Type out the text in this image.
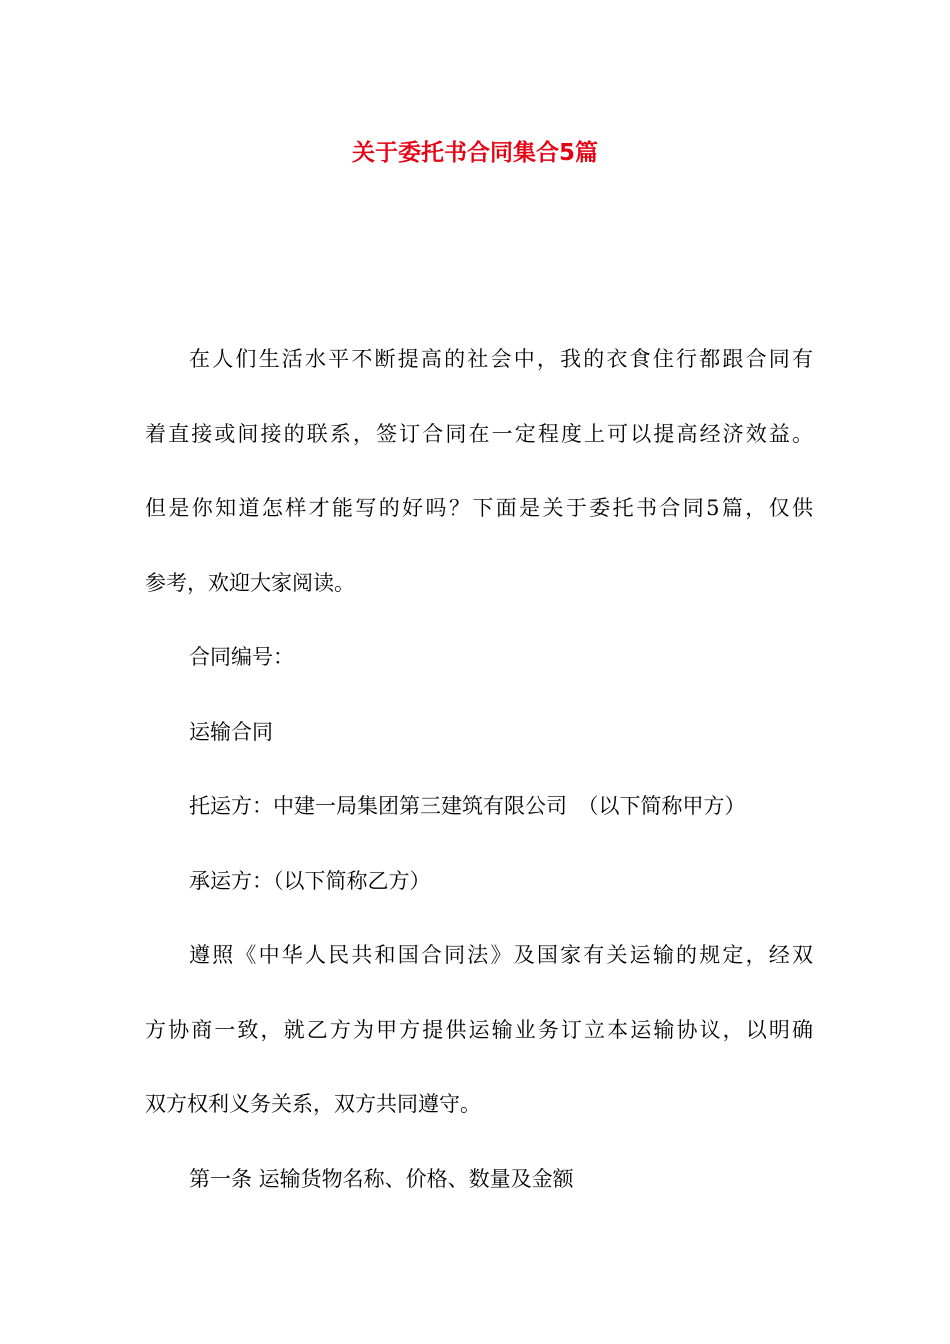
关于委托书合同集合5篇

在人们生活水平不断提高的社会中，我的衣食住行都跟合同有
着直接或间接的联系，签订合同在一定程度上可以提高经济效益。
但是你知道怎样才能写的好吗？下面是关于委托书合同5篇，仅供
参考，欢迎大家阅读。

合同编号：

运输合同

托运方：中建一局集团第三建筑有限公司　（以下简称甲方）

承运方：（以下简称乙方）

遵照《中华人民共和国合同法》及国家有关运输的规定，经双
方协商一致，就乙方为甲方提供运输业务订立本运输协议，以明确
双方权利义务关系，双方共同遵守。

第一条 运输货物名称、价格、数量及金额
